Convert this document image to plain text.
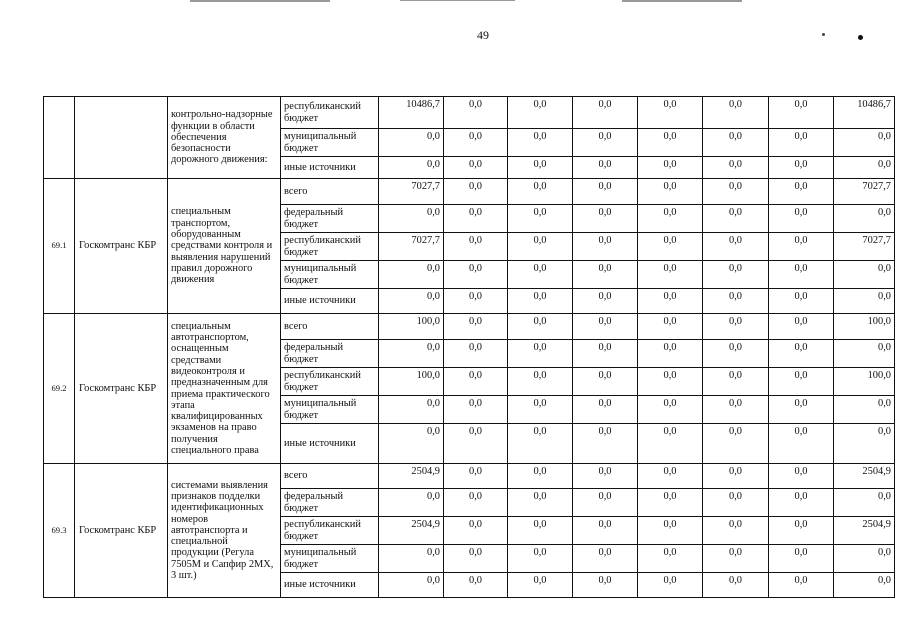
49
		контрольно-надзорные функции в области обеспечения безопасности дорожного движения:	республиканский бюджет	10486,7	0,0	0,0	0,0	0,0	0,0	0,0	10486,7
			муниципальный бюджет	0,0	0,0	0,0	0,0	0,0	0,0	0,0	0,0
			иные источники	0,0	0,0	0,0	0,0	0,0	0,0	0,0	0,0
69.1	Госкомтранс КБР	специальным транспортом, оборудованным средствами контроля и выявления нарушений правил дорожного движения	всего	7027,7	0,0	0,0	0,0	0,0	0,0	0,0	7027,7
			федеральный бюджет	0,0	0,0	0,0	0,0	0,0	0,0	0,0	0,0
			республиканский бюджет	7027,7	0,0	0,0	0,0	0,0	0,0	0,0	7027,7
			муниципальный бюджет	0,0	0,0	0,0	0,0	0,0	0,0	0,0	0,0
			иные источники	0,0	0,0	0,0	0,0	0,0	0,0	0,0	0,0
69.2	Госкомтранс КБР	специальным автотранспортом, оснащенным средствами видеоконтроля и предназначенным для приема практического этапа квалифицированных экзаменов на право получения специального права	всего	100,0	0,0	0,0	0,0	0,0	0,0	0,0	100,0
			федеральный бюджет	0,0	0,0	0,0	0,0	0,0	0,0	0,0	0,0
			республиканский бюджет	100,0	0,0	0,0	0,0	0,0	0,0	0,0	100,0
			муниципальный бюджет	0,0	0,0	0,0	0,0	0,0	0,0	0,0	0,0
			иные источники	0,0	0,0	0,0	0,0	0,0	0,0	0,0	0,0
69.3	Госкомтранс КБР	системами выявления признаков подделки идентификационных номеров автотранспорта и специальной продукции (Регула 7505М и Сапфир 2МХ, 3 шт.)	всего	2504,9	0,0	0,0	0,0	0,0	0,0	0,0	2504,9
			федеральный бюджет	0,0	0,0	0,0	0,0	0,0	0,0	0,0	0,0
			республиканский бюджет	2504,9	0,0	0,0	0,0	0,0	0,0	0,0	2504,9
			муниципальный бюджет	0,0	0,0	0,0	0,0	0,0	0,0	0,0	0,0
			иные источники	0,0	0,0	0,0	0,0	0,0	0,0	0,0	0,0
